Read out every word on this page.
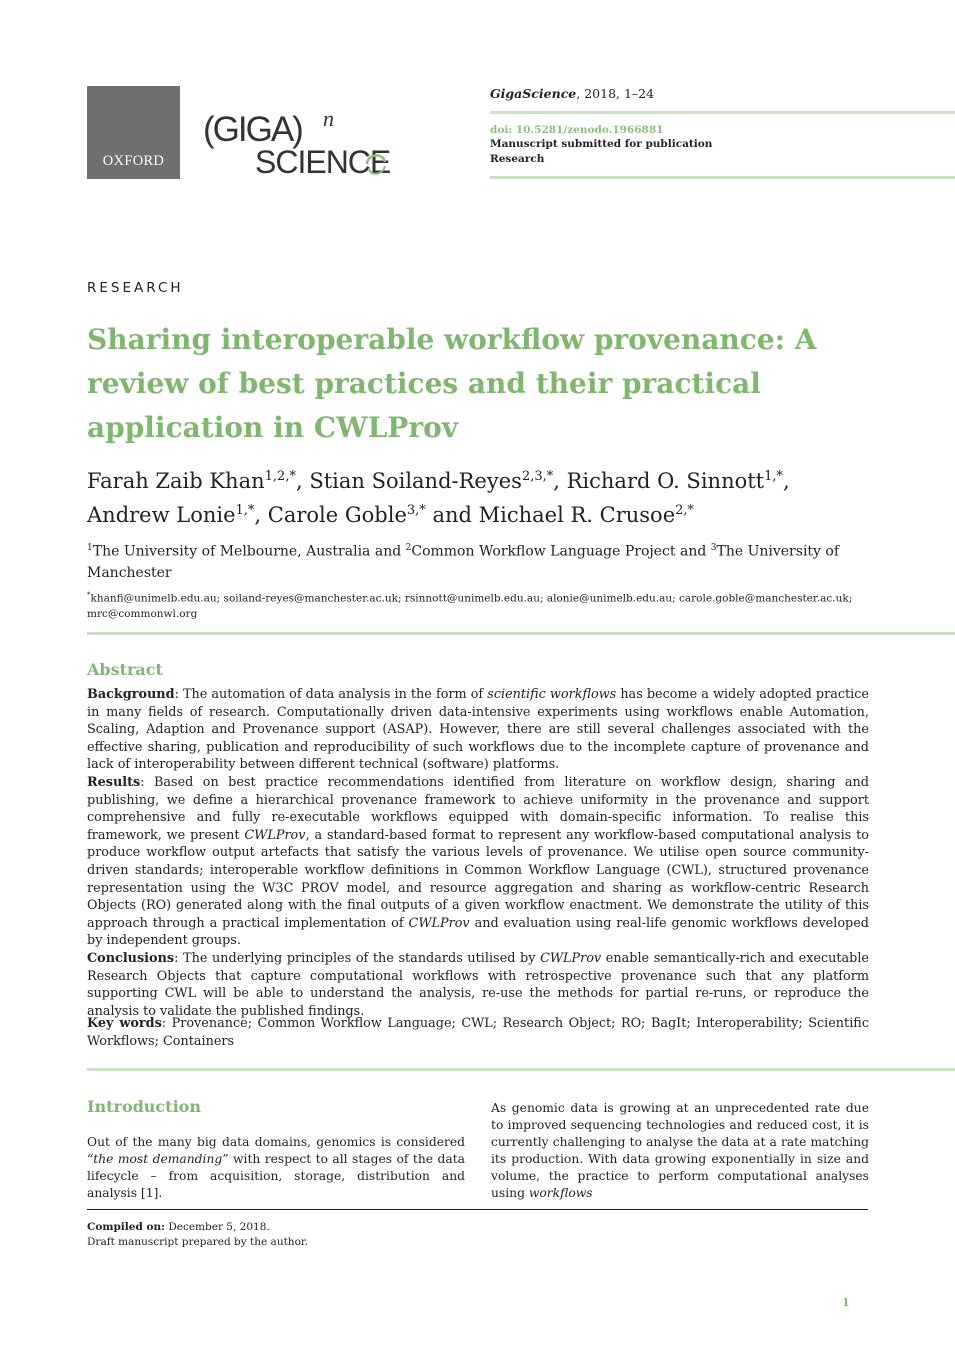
OXFORD
(GIGA) n
SCIENCE
GigaScience, 2018, 1–24
doi: 10.5281/zenodo.1966881
Manuscript submitted for publication
Research
RESEARCH
Sharing interoperable workflow provenance: A review of best practices and their practical application in CWLProv
Farah Zaib Khan$^{1,2,*}$, Stian Soiland-Reyes$^{2,3,*}$, Richard O. Sinnott$^{1,*}$, Andrew Lonie$^{1,*}$, Carole Goble$^{3,*}$ and Michael R. Crusoe$^{2,*}$
$^1$The University of Melbourne, Australia and $^2$Common Workflow Language Project and $^3$The University of Manchester
*khanfi@unimelb.edu.au; soiland-reyes@manchester.ac.uk; rsinnott@unimelb.edu.au; alonie@unimelb.edu.au; carole.goble@manchester.ac.uk; mrc@commonwl.org
Abstract

Background: The automation of data analysis in the form of scientific workflows has become a widely adopted practice in many fields of research. Computationally driven data-intensive experiments using workflows enable Automation, Scaling, Adaption and Provenance support (ASAP). However, there are still several challenges associated with the effective sharing, publication and reproducibility of such workflows due to the incomplete capture of provenance and lack of interoperability between different technical (software) platforms.

Results: Based on best practice recommendations identified from literature on workflow design, sharing and publishing, we define a hierarchical provenance framework to achieve uniformity in the provenance and support comprehensive and fully re-executable workflows equipped with domain-specific information. To realise this framework, we present CWLProv, a standard-based format to represent any workflow-based computational analysis to produce workflow output artefacts that satisfy the various levels of provenance. We utilise open source community-driven standards; interoperable workflow definitions in Common Workflow Language (CWL), structured provenance representation using the W3C PROV model, and resource aggregation and sharing as workflow-centric Research Objects (RO) generated along with the final outputs of a given workflow enactment. We demonstrate the utility of this approach through a practical implementation of CWLProv and evaluation using real-life genomic workflows developed by independent groups.

Conclusions: The underlying principles of the standards utilised by CWLProv enable semantically-rich and executable Research Objects that capture computational workflows with retrospective provenance such that any platform supporting CWL will be able to understand the analysis, re-use the methods for partial re-runs, or reproduce the analysis to validate the published findings.

Key words: Provenance; Common Workflow Language; CWL; Research Object; RO; BagIt; Interoperability; Scientific Workflows; Containers
Introduction
Out of the many big data domains, genomics is considered “the most demanding” with respect to all stages of the data lifecycle – from acquisition, storage, distribution and analysis [1].
As genomic data is growing at an unprecedented rate due to improved sequencing technologies and reduced cost, it is currently challenging to analyse the data at a rate matching its production. With data growing exponentially in size and volume, the practice to perform computational analyses using workflows
Compiled on: December 5, 2018.
Draft manuscript prepared by the author.
1
